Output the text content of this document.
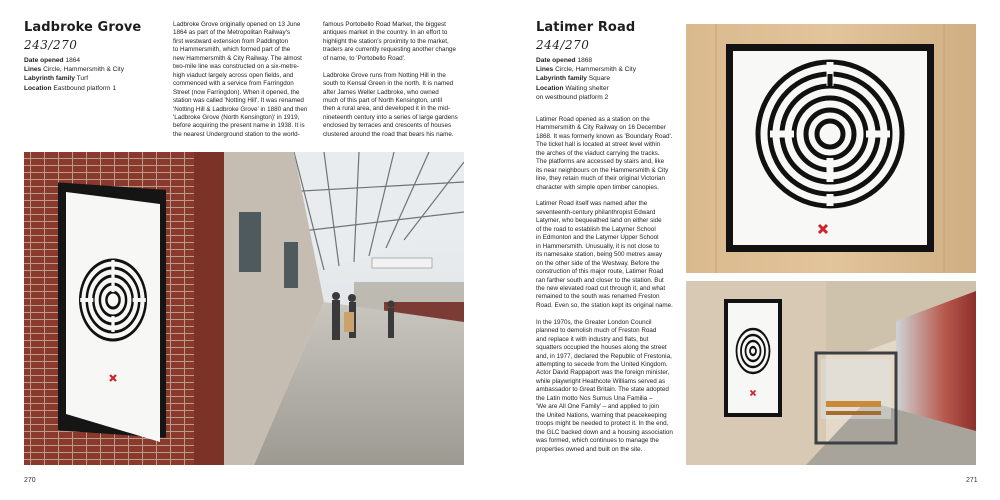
Ladbroke Grove
243/270
Date opened 1864
Lines Circle, Hammersmith & City
Labyrinth family Turf
Location Eastbound platform 1

Ladbroke Grove originally opened on 13 June
1864 as part of the Metropolitan Railway's
first westward extension from Paddington
to Hammersmith, which formed part of the
new Hammersmith & City Railway. The almost
two-mile line was constructed on a six-metre-
high viaduct largely across open fields, and
commenced with a service from Farringdon
Street (now Farringdon). When it opened, the
station was called 'Notting Hill'. It was renamed
'Notting Hill & Ladbroke Grove' in 1880 and then
'Ladbroke Grove (North Kensington)' in 1919,
before acquiring the present name in 1938. It is
the nearest Underground station to the world-

famous Portobello Road Market, the biggest
antiques market in the country. In an effort to
highlight the station's proximity to the market,
traders are currently requesting another change
of name, to 'Portobello Road'.

Ladbroke Grove runs from Notting Hill in the
south to Kensal Green in the north. It is named
after James Weller Ladbroke, who owned
much of this part of North Kensington, until
then a rural area, and developed it in the mid-
nineteenth century into a series of large gardens
enclosed by terraces and crescents of houses
clustered around the road that bears his name.

270
Latimer Road
244/270
Date opened 1868
Lines Circle, Hammersmith & City
Labyrinth family Square
Location Waiting shelter
on westbound platform 2

Latimer Road opened as a station on the
Hammersmith & City Railway on 16 December
1868. It was formerly known as 'Boundary Road'.
The ticket hall is located at street level within
the arches of the viaduct carrying the tracks.
The platforms are accessed by stairs and, like
its near neighbours on the Hammersmith & City
line, they retain much of their original Victorian
character with simple open timber canopies.

Latimer Road itself was named after the
seventeenth-century philanthropist Edward
Latymer, who bequeathed land on either side
of the road to establish the Latymer School
in Edmonton and the Latymer Upper School
in Hammersmith. Unusually, it is not close to
its namesake station, being 500 metres away
on the other side of the Westway. Before the
construction of this major route, Latimer Road
ran farther south and closer to the station. But
the new elevated road cut through it, and what
remained to the south was renamed Freston
Road. Even so, the station kept its original name.

In the 1970s, the Greater London Council
planned to demolish much of Freston Road
and replace it with industry and flats, but
squatters occupied the houses along the street
and, in 1977, declared the Republic of Frestonia,
attempting to secede from the United Kingdom.
Actor David Rappaport was the foreign minister,
while playwright Heathcote Williams served as
ambassador to Great Britain. The state adopted
the Latin motto Nos Sumus Una Familia –
'We are All One Family' – and applied to join
the United Nations, warning that peacekeeping
troops might be needed to protect it. In the end,
the GLC backed down and a housing association
was formed, which continues to manage the
properties owned and built on the site.

271
